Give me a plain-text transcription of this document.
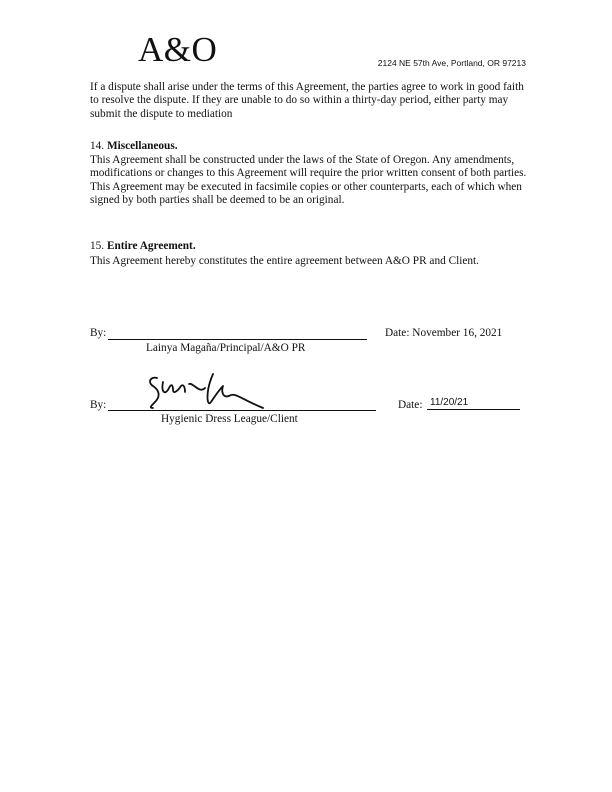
A&O	2124 NE 57th Ave, Portland, OR 97213

If a dispute shall arise under the terms of this Agreement, the parties agree to work in good faith to resolve the dispute. If they are unable to do so within a thirty-day period, either party may submit the dispute to mediation

14. Miscellaneous.

This Agreement shall be constructed under the laws of the State of Oregon. Any amendments, modifications or changes to this Agreement will require the prior written consent of both parties. This Agreement may be executed in facsimile copies or other counterparts, each of which when signed by both parties shall be deemed to be an original.

15. Entire Agreement.

This Agreement hereby constitutes the entire agreement between A&O PR and Client.

By:
Lainya Magaña/Principal/A&O PR
Date: November 16, 2021
By:
Hygienic Dress League/Client
Date: 11/20/21
